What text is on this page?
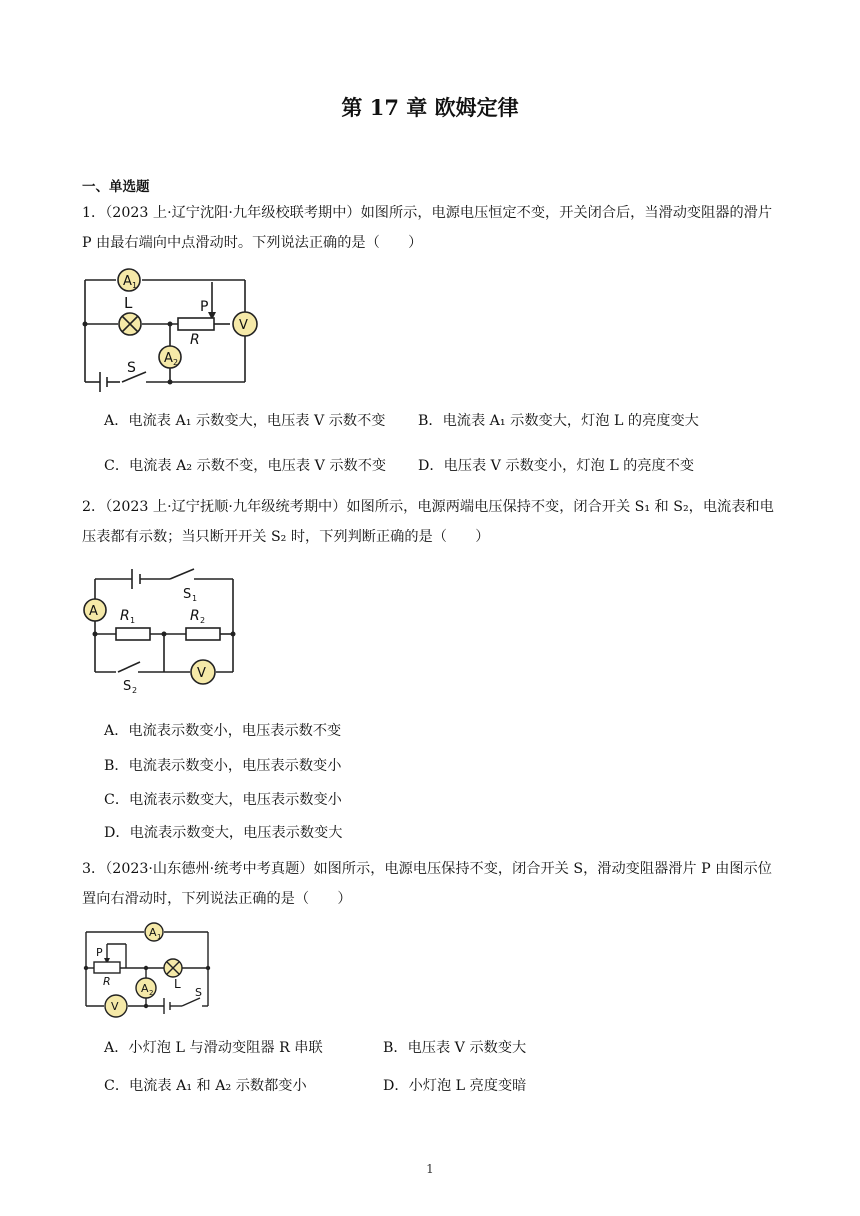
第 17 章 欧姆定律
一、单选题
1．（2023 上·辽宁沈阳·九年级校联考期中）如图所示，电源电压恒定不变，开关闭合后，当滑动变阻器的滑片 P 由最右端向中点滑动时。下列说法正确的是（　　）
A 1
L	P
R
A 2
V
S
A．电流表 A₁ 示数变大，电压表 V 示数不变 B．电流表 A₁ 示数变大，灯泡 L 的亮度变大
C．电流表 A₂ 示数不变，电压表 V 示数不变 D．电压表 V 示数变小，灯泡 L 的亮度不变
2．（2023 上·辽宁抚顺·九年级统考期中）如图所示，电源两端电压保持不变，闭合开关 S₁ 和 S₂，电流表和电压表都有示数；当只断开开关 S₂ 时，下列判断正确的是（　　）
A
V
R 1	R 2
S 1
S 2
A．电流表示数变小，电压表示数不变
B．电流表示数变小，电压表示数变小
C．电流表示数变大，电压表示数变小
D．电流表示数变大，电压表示数变大
3．（2023·山东德州·统考中考真题）如图所示，电源电压保持不变，闭合开关 S，滑动变阻器滑片 P 由图示位置向右滑动时，下列说法正确的是（　　）
A 1
L
A 2
V
P
R
S
A．小灯泡 L 与滑动变阻器 R 串联	B．电压表 V 示数变大
C．电流表 A₁ 和 A₂ 示数都变小	D．小灯泡 L 亮度变暗
1
